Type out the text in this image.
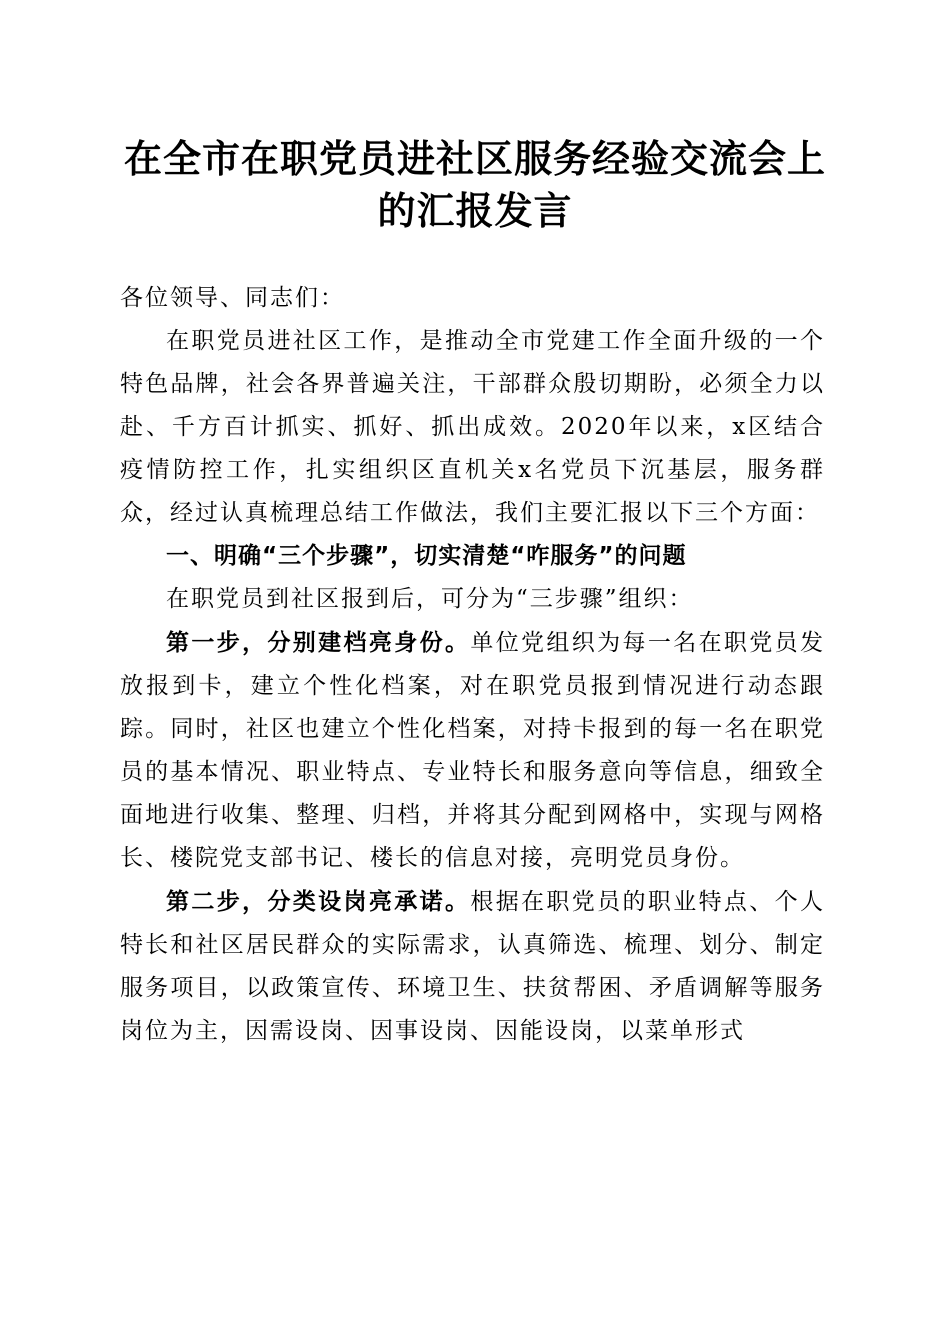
在全市在职党员进社区服务经验交流会上的汇报发言

各位领导、同志们：

在职党员进社区工作，是推动全市党建工作全面升级的一个特色品牌，社会各界普遍关注，干部群众殷切期盼，必须全力以赴、千方百计抓实、抓好、抓出成效。2020年以来，x区结合疫情防控工作，扎实组织区直机关x名党员下沉基层，服务群众，经过认真梳理总结工作做法，我们主要汇报以下三个方面：

一、明确“三个步骤”，切实清楚“咋服务”的问题

在职党员到社区报到后，可分为“三步骤”组织：

第一步，分别建档亮身份。单位党组织为每一名在职党员发放报到卡，建立个性化档案，对在职党员报到情况进行动态跟踪。同时，社区也建立个性化档案，对持卡报到的每一名在职党员的基本情况、职业特点、专业特长和服务意向等信息，细致全面地进行收集、整理、归档，并将其分配到网格中，实现与网格长、楼院党支部书记、楼长的信息对接，亮明党员身份。

第二步，分类设岗亮承诺。根据在职党员的职业特点、个人特长和社区居民群众的实际需求，认真筛选、梳理、划分、制定服务项目，以政策宣传、环境卫生、扶贫帮困、矛盾调解等服务岗位为主，因需设岗、因事设岗、因能设岗，以菜单形式
